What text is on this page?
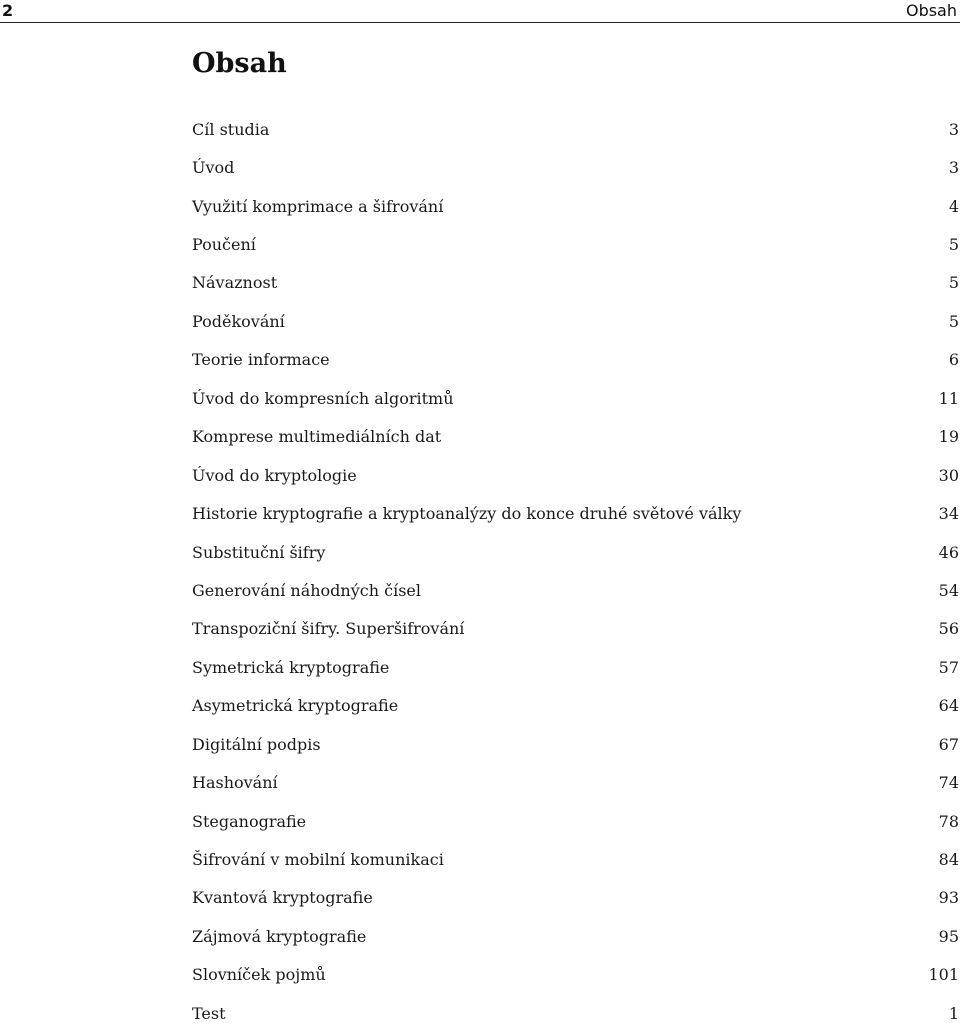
2	Obsah
Obsah
Cíl studia	3
Úvod	3
Využití komprimace a šifrování	4
Poučení	5
Návaznost	5
Poděkování	5
Teorie informace	6
Úvod do kompresních algoritmů	11
Komprese multimediálních dat	19
Úvod do kryptologie	30
Historie kryptografie a kryptoanalýzy do konce druhé světové války	34
Substituční šifry	46
Generování náhodných čísel	54
Transpoziční šifry. Superšifrování	56
Symetrická kryptografie	57
Asymetrická kryptografie	64
Digitální podpis	67
Hashování	74
Steganografie	78
Šifrování v mobilní komunikaci	84
Kvantová kryptografie	93
Zájmová kryptografie	95
Slovníček pojmů	101
Test	1
